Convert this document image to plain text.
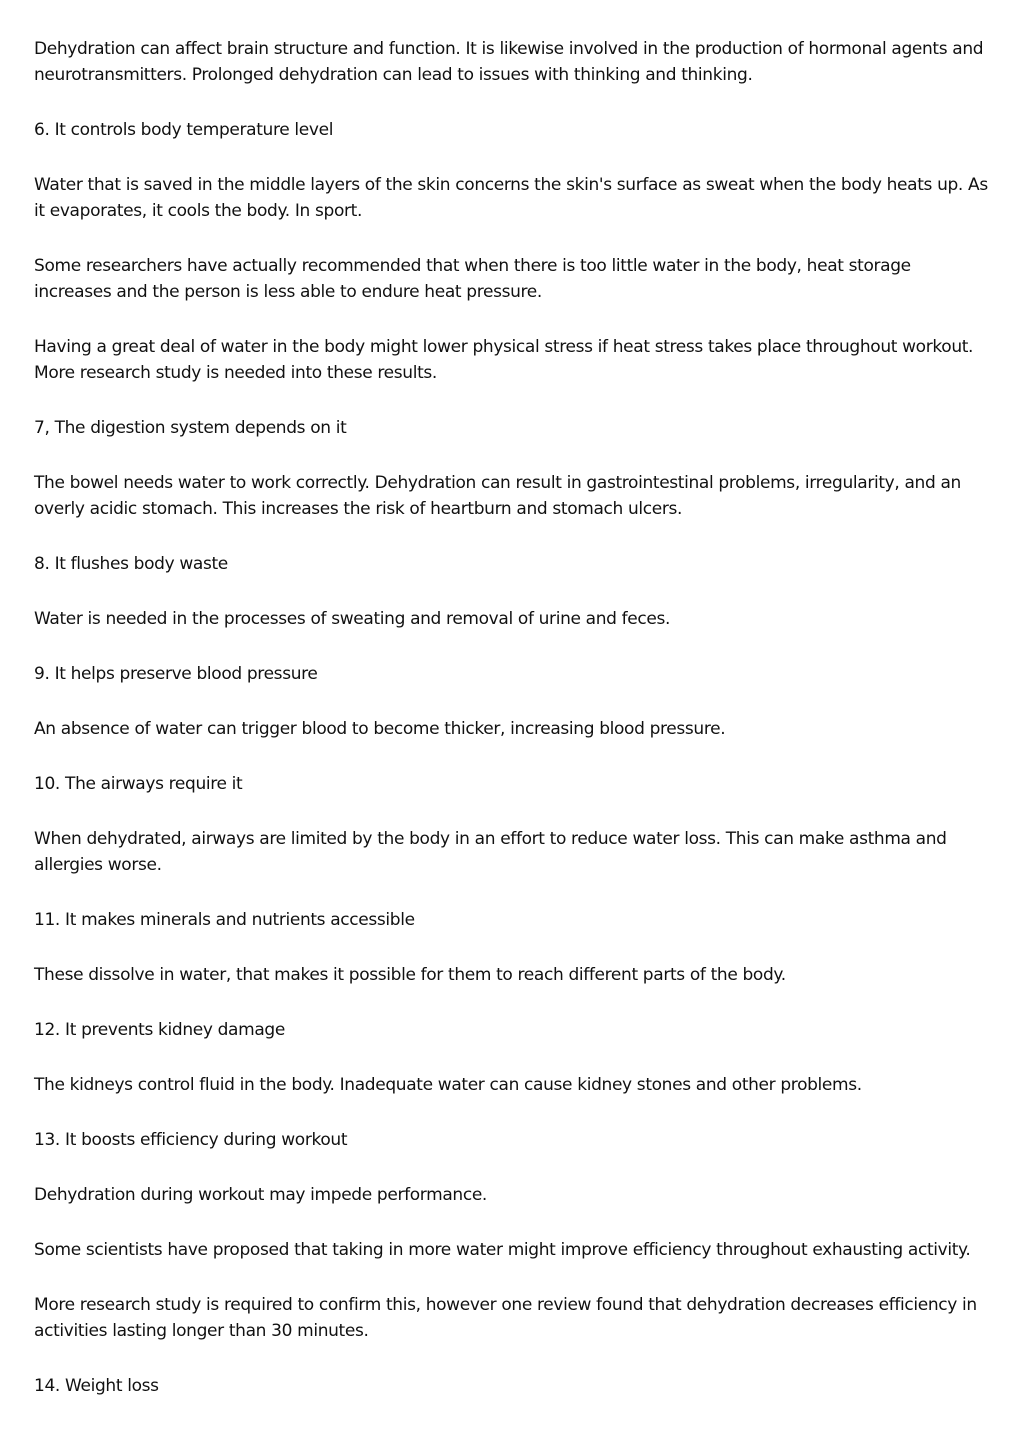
Dehydration can affect brain structure and function. It is likewise involved in the production of hormonal agents and neurotransmitters. Prolonged dehydration can lead to issues with thinking and thinking.

6. It controls body temperature level

Water that is saved in the middle layers of the skin concerns the skin's surface as sweat when the body heats up. As it evaporates, it cools the body. In sport.

Some researchers have actually recommended that when there is too little water in the body, heat storage increases and the person is less able to endure heat pressure.

Having a great deal of water in the body might lower physical stress if heat stress takes place throughout workout. More research study is needed into these results.

7, The digestion system depends on it

The bowel needs water to work correctly. Dehydration can result in gastrointestinal problems, irregularity, and an overly acidic stomach. This increases the risk of heartburn and stomach ulcers.

8. It flushes body waste

Water is needed in the processes of sweating and removal of urine and feces.

9. It helps preserve blood pressure

An absence of water can trigger blood to become thicker, increasing blood pressure.

10. The airways require it

When dehydrated, airways are limited by the body in an effort to reduce water loss. This can make asthma and allergies worse.

11. It makes minerals and nutrients accessible

These dissolve in water, that makes it possible for them to reach different parts of the body.

12. It prevents kidney damage

The kidneys control fluid in the body. Inadequate water can cause kidney stones and other problems.

13. It boosts efficiency during workout

Dehydration during workout may impede performance.

Some scientists have proposed that taking in more water might improve efficiency throughout exhausting activity.

More research study is required to confirm this, however one review found that dehydration decreases efficiency in activities lasting longer than 30 minutes.

14. Weight loss
